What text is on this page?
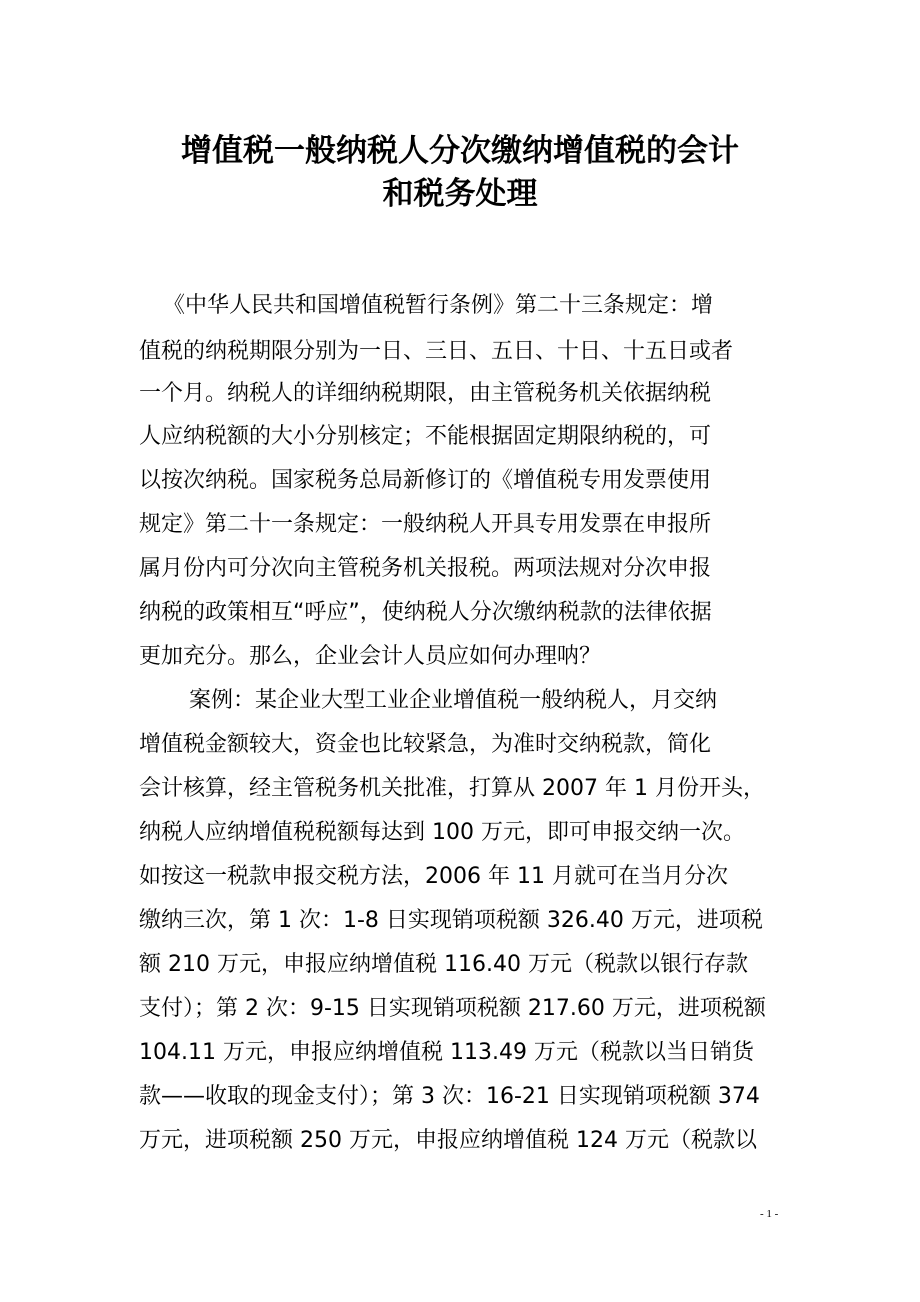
增值税一般纳税人分次缴纳增值税的会计
和税务处理
《中华人民共和国增值税暂行条例》第二十三条规定：增
值税的纳税期限分别为一日、三日、五日、十日、十五日或者
一个月。纳税人的详细纳税期限，由主管税务机关依据纳税
人应纳税额的大小分别核定；不能根据固定期限纳税的，可
以按次纳税。国家税务总局新修订的《增值税专用发票使用
规定》第二十一条规定：一般纳税人开具专用发票在申报所
属月份内可分次向主管税务机关报税。两项法规对分次申报
纳税的政策相互“呼应”，使纳税人分次缴纳税款的法律依据
更加充分。那么，企业会计人员应如何办理呐？
案例：某企业大型工业企业增值税一般纳税人，月交纳
增值税金额较大，资金也比较紧急，为准时交纳税款，简化
会计核算，经主管税务机关批准，打算从 2007 年 1 月份开头，
纳税人应纳增值税税额每达到 100 万元，即可申报交纳一次。
如按这一税款申报交税方法，2006 年 11 月就可在当月分次
缴纳三次，第 1 次：1-8 日实现销项税额 326.40 万元，进项税
额 210 万元，申报应纳增值税 116.40 万元（税款以银行存款
支付）；第 2 次：9-15 日实现销项税额 217.60 万元，进项税额
104.11 万元，申报应纳增值税 113.49 万元（税款以当日销货
款——收取的现金支付）；第 3 次：16-21 日实现销项税额 374
万元，进项税额 250 万元，申报应纳增值税 124 万元（税款以
- 1 -
